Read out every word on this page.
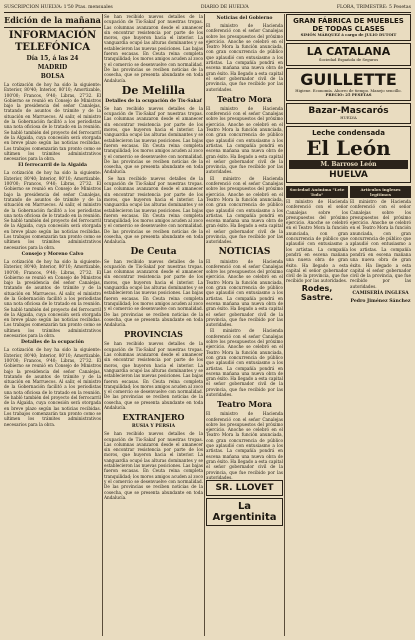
SUSCRIPCION HUELVA: 1'50 Ptas. mensuales	DIARIO DE HUELVA	FLORA, TRIMESTRE: 5 Pesetas
Edición de la mañana
INFORMACIÓN TELEFÓNICA
Día 15, á las 24
MADRID
BOLSA

La cotización de hoy ha sido la siguiente: Exterior, 80'40; Interior, 80'10; Amortizable, 100'00; Francos, 9'40; Libras, 27'32. El Gobierno se reunió en Consejo de Ministros bajo la presidencia del señor Canalejas, tratando de asuntos de trámite y de la situación en Marruecos. Al salir, el ministro de la Gobernación facilitó a los periodistas una nota oficiosa de lo tratado en la reunión. Se habló también del proyecto del ferrocarril de la Algaida, cuya concesión será otorgada en breve plazo según las noticias recibidas. Los trabajos comenzarán tan pronto como se ultimen los trámites administrativos necesarios para la obra.

El ferrocarril de la Algaida

La cotización de hoy ha sido la siguiente: Exterior, 80'40; Interior, 80'10; Amortizable, 100'00; Francos, 9'40; Libras, 27'32. El Gobierno se reunió en Consejo de Ministros bajo la presidencia del señor Canalejas, tratando de asuntos de trámite y de la situación en Marruecos. Al salir, el ministro de la Gobernación facilitó a los periodistas una nota oficiosa de lo tratado en la reunión. Se habló también del proyecto del ferrocarril de la Algaida, cuya concesión será otorgada en breve plazo según las noticias recibidas. Los trabajos comenzarán tan pronto como se ultimen los trámites administrativos necesarios para la obra.

Consejo y Moreno Calvo

La cotización de hoy ha sido la siguiente: Exterior, 80'40; Interior, 80'10; Amortizable, 100'00; Francos, 9'40; Libras, 27'32. El Gobierno se reunió en Consejo de Ministros bajo la presidencia del señor Canalejas, tratando de asuntos de trámite y de la situación en Marruecos. Al salir, el ministro de la Gobernación facilitó a los periodistas una nota oficiosa de lo tratado en la reunión. Se habló también del proyecto del ferrocarril de la Algaida, cuya concesión será otorgada en breve plazo según las noticias recibidas. Los trabajos comenzarán tan pronto como se ultimen los trámites administrativos necesarios para la obra.

Detalles de la ocupación

La cotización de hoy ha sido la siguiente: Exterior, 80'40; Interior, 80'10; Amortizable, 100'00; Francos, 9'40; Libras, 27'32. El Gobierno se reunió en Consejo de Ministros bajo la presidencia del señor Canalejas, tratando de asuntos de trámite y de la situación en Marruecos. Al salir, el ministro de la Gobernación facilitó a los periodistas una nota oficiosa de lo tratado en la reunión. Se habló también del proyecto del ferrocarril de la Algaida, cuya concesión será otorgada en breve plazo según las noticias recibidas. Los trabajos comenzarán tan pronto como se ultimen los trámites administrativos necesarios para la obra.

Se han recibido nuevos detalles de la ocupación de Tis-Sakaf por nuestras tropas. Las columnas avanzaron desde el amanecer sin encontrar resistencia por parte de los moros, que huyeron hacia el interior. La vanguardia ocupó las alturas dominantes y se establecieron las nuevas posiciones. Las bajas fueron escasas. En Ceuta reina completa tranquilidad; los moros amigos acuden al zoco y el comercio se desenvuelve con normalidad. De las provincias se reciben noticias de la cosecha, que se presenta abundante en toda Andalucía.

De Melilla
Detalles de la ocupación de Tis-Sakaf

Se han recibido nuevos detalles de la ocupación de Tis-Sakaf por nuestras tropas. Las columnas avanzaron desde el amanecer sin encontrar resistencia por parte de los moros, que huyeron hacia el interior. La vanguardia ocupó las alturas dominantes y se establecieron las nuevas posiciones. Las bajas fueron escasas. En Ceuta reina completa tranquilidad; los moros amigos acuden al zoco y el comercio se desenvuelve con normalidad. De las provincias se reciben noticias de la cosecha, que se presenta abundante en toda Andalucía.

Se han recibido nuevos detalles de la ocupación de Tis-Sakaf por nuestras tropas. Las columnas avanzaron desde el amanecer sin encontrar resistencia por parte de los moros, que huyeron hacia el interior. La vanguardia ocupó las alturas dominantes y se establecieron las nuevas posiciones. Las bajas fueron escasas. En Ceuta reina completa tranquilidad; los moros amigos acuden al zoco y el comercio se desenvuelve con normalidad. De las provincias se reciben noticias de la cosecha, que se presenta abundante en toda Andalucía.

De Ceuta

Se han recibido nuevos detalles de la ocupación de Tis-Sakaf por nuestras tropas. Las columnas avanzaron desde el amanecer sin encontrar resistencia por parte de los moros, que huyeron hacia el interior. La vanguardia ocupó las alturas dominantes y se establecieron las nuevas posiciones. Las bajas fueron escasas. En Ceuta reina completa tranquilidad; los moros amigos acuden al zoco y el comercio se desenvuelve con normalidad. De las provincias se reciben noticias de la cosecha, que se presenta abundante en toda Andalucía.

PROVINCIAS

Se han recibido nuevos detalles de la ocupación de Tis-Sakaf por nuestras tropas. Las columnas avanzaron desde el amanecer sin encontrar resistencia por parte de los moros, que huyeron hacia el interior. La vanguardia ocupó las alturas dominantes y se establecieron las nuevas posiciones. Las bajas fueron escasas. En Ceuta reina completa tranquilidad; los moros amigos acuden al zoco y el comercio se desenvuelve con normalidad. De las provincias se reciben noticias de la cosecha, que se presenta abundante en toda Andalucía.

EXTRANJERO
RUSIA Y PERSIA

Se han recibido nuevos detalles de la ocupación de Tis-Sakaf por nuestras tropas. Las columnas avanzaron desde el amanecer sin encontrar resistencia por parte de los moros, que huyeron hacia el interior. La vanguardia ocupó las alturas dominantes y se establecieron las nuevas posiciones. Las bajas fueron escasas. En Ceuta reina completa tranquilidad; los moros amigos acuden al zoco y el comercio se desenvuelve con normalidad. De las provincias se reciben noticias de la cosecha, que se presenta abundante en toda Andalucía.

Noticias del Gobierno

El ministro de Hacienda conferenció con el señor Canalejas sobre los presupuestos del próximo ejercicio. Anoche se celebró en el Teatro Mora la función anunciada, con gran concurrencia de público que aplaudió con entusiasmo a los artistas. La compañía pondrá en escena mañana una nueva obra de gran éxito. Ha llegado a esta capital el señor gobernador civil de la provincia, que fue recibido por las autoridades.

Teatro Mora

El ministro de Hacienda conferenció con el señor Canalejas sobre los presupuestos del próximo ejercicio. Anoche se celebró en el Teatro Mora la función anunciada, con gran concurrencia de público que aplaudió con entusiasmo a los artistas. La compañía pondrá en escena mañana una nueva obra de gran éxito. Ha llegado a esta capital el señor gobernador civil de la provincia, que fue recibido por las autoridades.

El ministro de Hacienda conferenció con el señor Canalejas sobre los presupuestos del próximo ejercicio. Anoche se celebró en el Teatro Mora la función anunciada, con gran concurrencia de público que aplaudió con entusiasmo a los artistas. La compañía pondrá en escena mañana una nueva obra de gran éxito. Ha llegado a esta capital el señor gobernador civil de la provincia, que fue recibido por las autoridades.

NOTICIAS

El ministro de Hacienda conferenció con el señor Canalejas sobre los presupuestos del próximo ejercicio. Anoche se celebró en el Teatro Mora la función anunciada, con gran concurrencia de público que aplaudió con entusiasmo a los artistas. La compañía pondrá en escena mañana una nueva obra de gran éxito. Ha llegado a esta capital el señor gobernador civil de la provincia, que fue recibido por las autoridades.

El ministro de Hacienda conferenció con el señor Canalejas sobre los presupuestos del próximo ejercicio. Anoche se celebró en el Teatro Mora la función anunciada, con gran concurrencia de público que aplaudió con entusiasmo a los artistas. La compañía pondrá en escena mañana una nueva obra de gran éxito. Ha llegado a esta capital el señor gobernador civil de la provincia, que fue recibido por las autoridades.

Teatro Mora

El ministro de Hacienda conferenció con el señor Canalejas sobre los presupuestos del próximo ejercicio. Anoche se celebró en el Teatro Mora la función anunciada, con gran concurrencia de público que aplaudió con entusiasmo a los artistas. La compañía pondrá en escena mañana una nueva obra de gran éxito. Ha llegado a esta capital el señor gobernador civil de la provincia, que fue recibido por las autoridades.

SR. LLOVET
La Argentinita
GRAN FÁBRICA DE MUEBLES DE TODAS CLASES
SIMÓN MÁRQUEZ á cargo de JULIO DUTOIT
LA CATALANA
Sociedad Española de Seguros
GUILLETTE
Higiene. Economía. Ahorro de tiempo. Manejo sencillo.
PRECIO: 25 PESETAS
Bazar-Mascarós
HUELVA
Leche condensada
El León
M. Barroso León
HUELVA
Sociedad Anónima "Lete Todo"

El ministro de Hacienda conferenció con el señor Canalejas sobre los presupuestos del próximo ejercicio. Anoche se celebró en el Teatro Mora la función anunciada, con gran concurrencia de público que aplaudió con entusiasmo a los artistas. La compañía pondrá en escena mañana una nueva obra de gran éxito. Ha llegado a esta capital el señor gobernador civil de la provincia, que fue recibido por las autoridades.

Rodes, Sastre.
Artículos ingleses legítimos

El ministro de Hacienda conferenció con el señor Canalejas sobre los presupuestos del próximo ejercicio. Anoche se celebró en el Teatro Mora la función anunciada, con gran concurrencia de público que aplaudió con entusiasmo a los artistas. La compañía pondrá en escena mañana una nueva obra de gran éxito. Ha llegado a esta capital el señor gobernador civil de la provincia, que fue recibido por las autoridades.

CAMISERÍA INGLESA
Pedro Jiménez Sánchez
